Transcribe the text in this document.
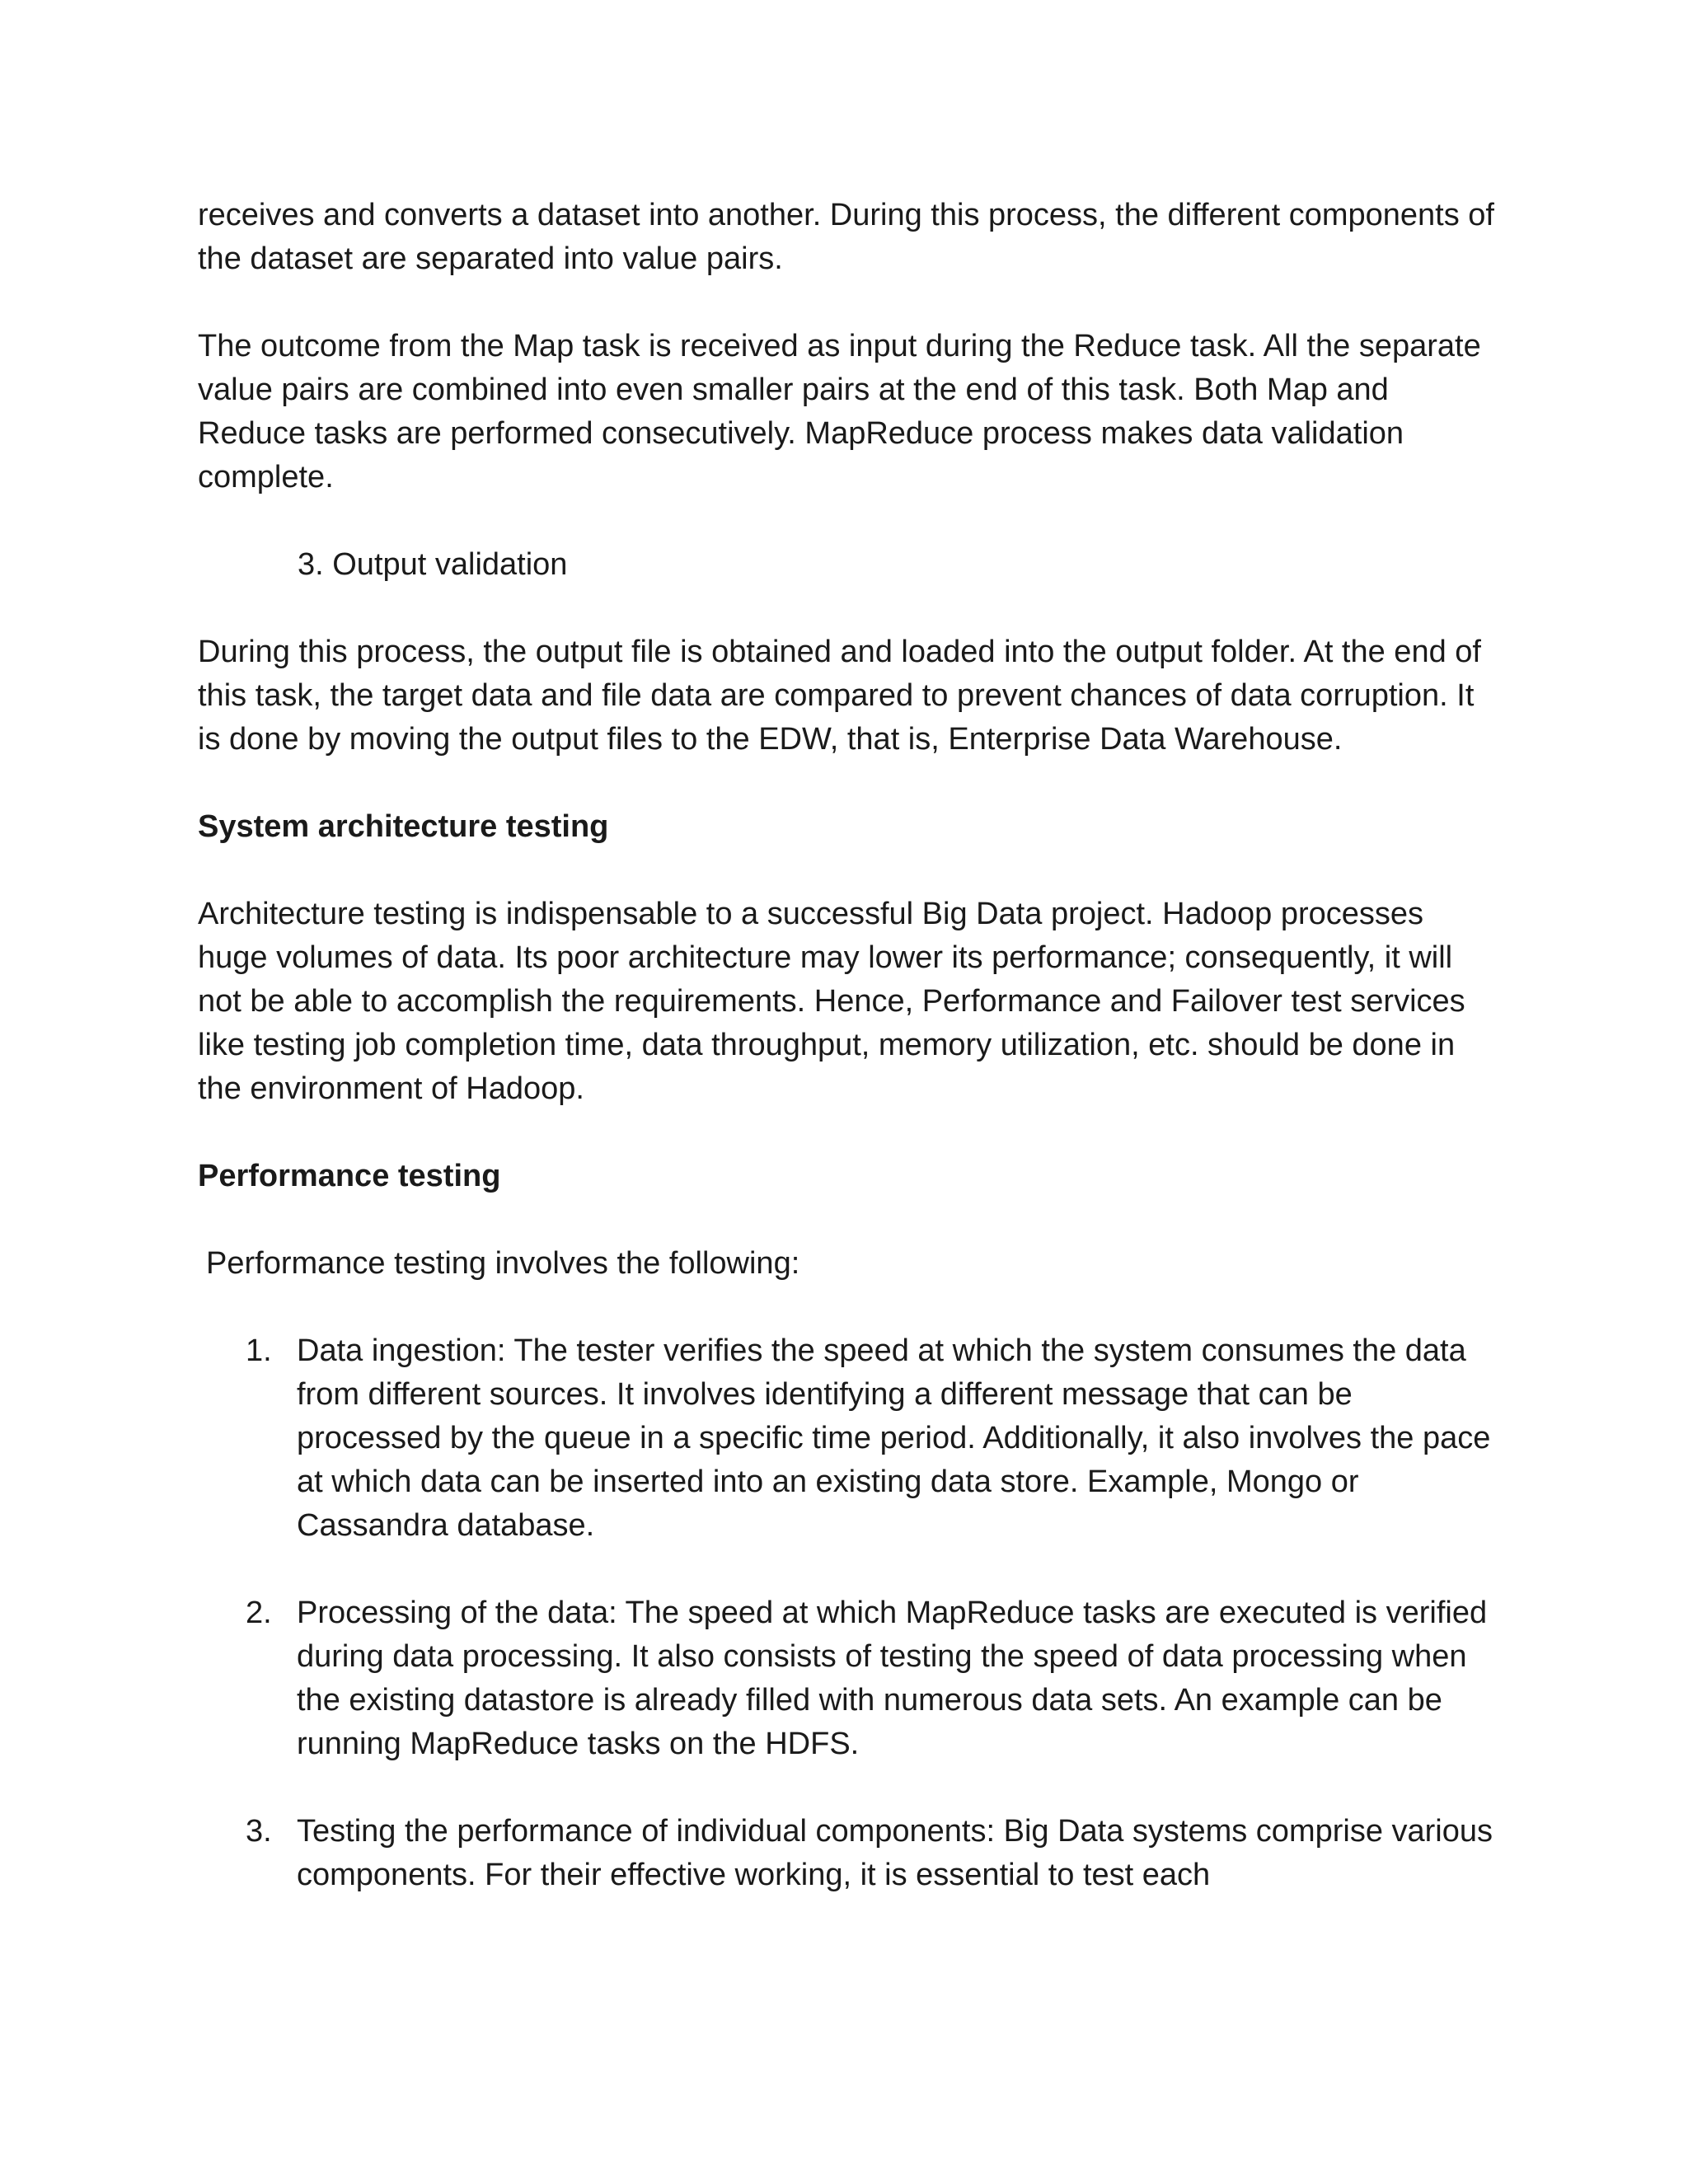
receives and converts a dataset into another. During this process, the different components of the dataset are separated into value pairs.

The outcome from the Map task is received as input during the Reduce task. All the separate value pairs are combined into even smaller pairs at the end of this task. Both Map and Reduce tasks are performed consecutively. MapReduce process makes data validation complete.

3. Output validation

During this process, the output file is obtained and loaded into the output folder. At the end of this task, the target data and file data are compared to prevent chances of data corruption. It is done by moving the output files to the EDW, that is, Enterprise Data Warehouse.

System architecture testing

Architecture testing is indispensable to a successful Big Data project. Hadoop processes huge volumes of data. Its poor architecture may lower its performance; consequently, it will not be able to accomplish the requirements. Hence, Performance and Failover test services like testing job completion time, data throughput, memory utilization, etc. should be done in the environment of Hadoop.

Performance testing

Performance testing involves the following:

1. Data ingestion: The tester verifies the speed at which the system consumes the data from different sources. It involves identifying a different message that can be processed by the queue in a specific time period. Additionally, it also involves the pace at which data can be inserted into an existing data store. Example, Mongo or Cassandra database.
2. Processing of the data: The speed at which MapReduce tasks are executed is verified during data processing. It also consists of testing the speed of data processing when the existing datastore is already filled with numerous data sets. An example can be running MapReduce tasks on the HDFS.
3. Testing the performance of individual components: Big Data systems comprise various components. For their effective working, it is essential to test each
